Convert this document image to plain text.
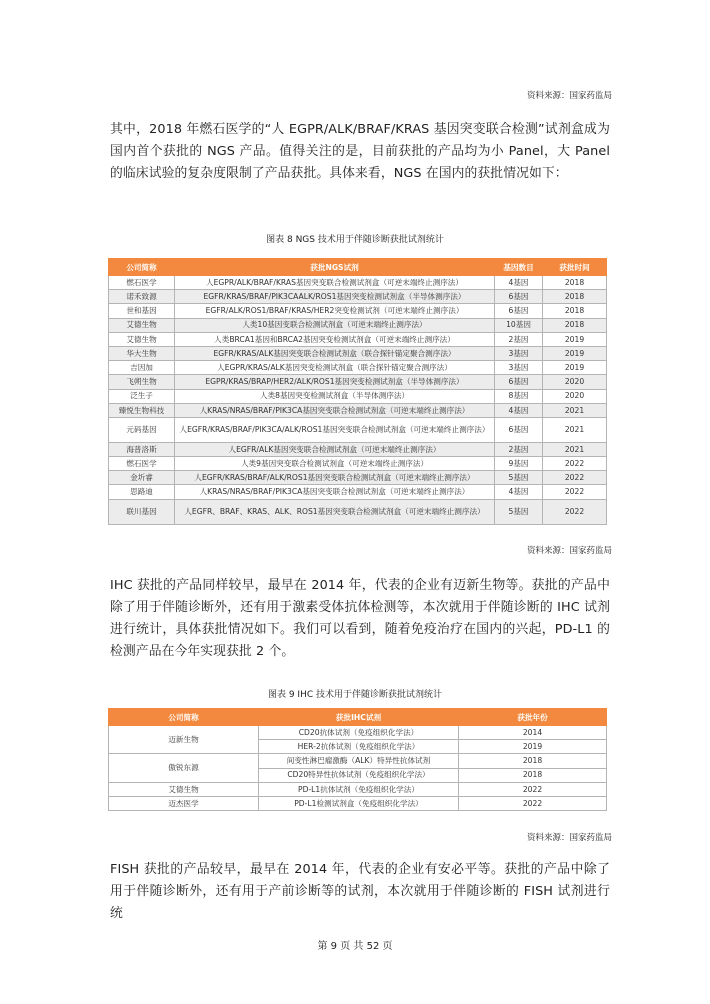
资料来源：国家药监局

其中，2018 年燃石医学的“人 EGPR/ALK/BRAF/KRAS 基因突变联合检测”试剂盒成为国内首个获批的 NGS 产品。值得关注的是，目前获批的产品均为小 Panel，大 Panel 的临床试验的复杂度限制了产品获批。具体来看，NGS 在国内的获批情况如下：

图表 8 NGS 技术用于伴随诊断获批试剂统计
公司简称	获批NGS试剂	基因数目	获批时间
燃石医学	人EGPR/ALK/BRAF/KRAS基因突变联合检测试剂盒（可逆末端终止测序法）	4基因	2018
诺禾致源	EGFR/KRAS/BRAF/PIK3CAALK/ROS1基因突变检测试剂盒（半导体测序法）	6基因	2018
世和基因	EGFR/ALK/ROS1/BRAF/KRAS/HER2突变检测试剂（可逆末端终止测序法）	6基因	2018
艾德生物	人类10基因变联合检测试剂盒（可逆末端终止测序法）	10基因	2018
艾德生物	人类BRCA1基因和BRCA2基因突变检测试剂盒（可逆末端终止测序法）	2基因	2019
华大生物	EGFR/KRAS/ALK基因突变联合检测试剂盒（联合探针锚定聚合测序法）	3基因	2019
吉因加	人EGPR/KRAS/ALK基因突变检测试剂盒（联合探针锚定聚合测序法）	3基因	2019
飞朔生物	EGPR/KRAS/BRAP/HER2/ALK/ROS1基因突变检测试剂盒（半导体测序法）	6基因	2020
泛生子	人类8基因突变检测试剂盒（半导体测序法）	8基因	2020
臻悦生物科技	人KRAS/NRAS/BRAF/PIK3CA基因突变联合检测试剂盒（可逆末端终止测序法）	4基因	2021
元码基因	人EGFR/KRAS/BRAF/PIK3CA/ALK/ROS1基因突变联合检测试剂盒（可逆末端终止测序法）	6基因	2021
海普洛斯	人EGFR/ALK基因突变联合检测试剂盒（可逆末端终止测序法）	2基因	2021
燃石医学	人类9基因突变联合检测试剂盒（可逆末端终止测序法）	9基因	2022
金圻睿	人EGFR/KRAS/BRAF/ALK/ROS1基因突变联合检测试剂盒（可逆末端终止测序法）	5基因	2022
思路迪	人KRAS/NRAS/BRAF/PIK3CA基因突变联合检测试剂盒（可逆末端终止测序法）	4基因	2022
联川基因	人EGFR、BRAF、KRAS、ALK、ROS1基因突变联合检测试剂盒（可逆末端终止测序法）	5基因	2022
资料来源：国家药监局

IHC 获批的产品同样较早，最早在 2014 年，代表的企业有迈新生物等。获批的产品中除了用于伴随诊断外，还有用于激素受体抗体检测等，本次就用于伴随诊断的 IHC 试剂进行统计，具体获批情况如下。我们可以看到，随着免疫治疗在国内的兴起，PD-L1 的检测产品在今年实现获批 2 个。

图表 9 IHC 技术用于伴随诊断获批试剂统计
公司简称	获批IHC试剂	获批年份
迈新生物	CD20抗体试剂（免疫组织化学法）	2014
	HER-2抗体试剂（免疫组织化学法）	2019
傲锐东源	间变性淋巴瘤激酶（ALK）特异性抗体试剂	2018
	CD20特异性抗体试剂（免疫组织化学法）	2018
艾德生物	PD-L1抗体试剂（免疫组织化学法）	2022
迈杰医学	PD-L1检测试剂盒（免疫组织化学法）	2022
资料来源：国家药监局

FISH 获批的产品较早，最早在 2014 年，代表的企业有安必平等。获批的产品中除了用于伴随诊断外，还有用于产前诊断等的试剂，本次就用于伴随诊断的 FISH 试剂进行统

第 9 页 共 52 页
